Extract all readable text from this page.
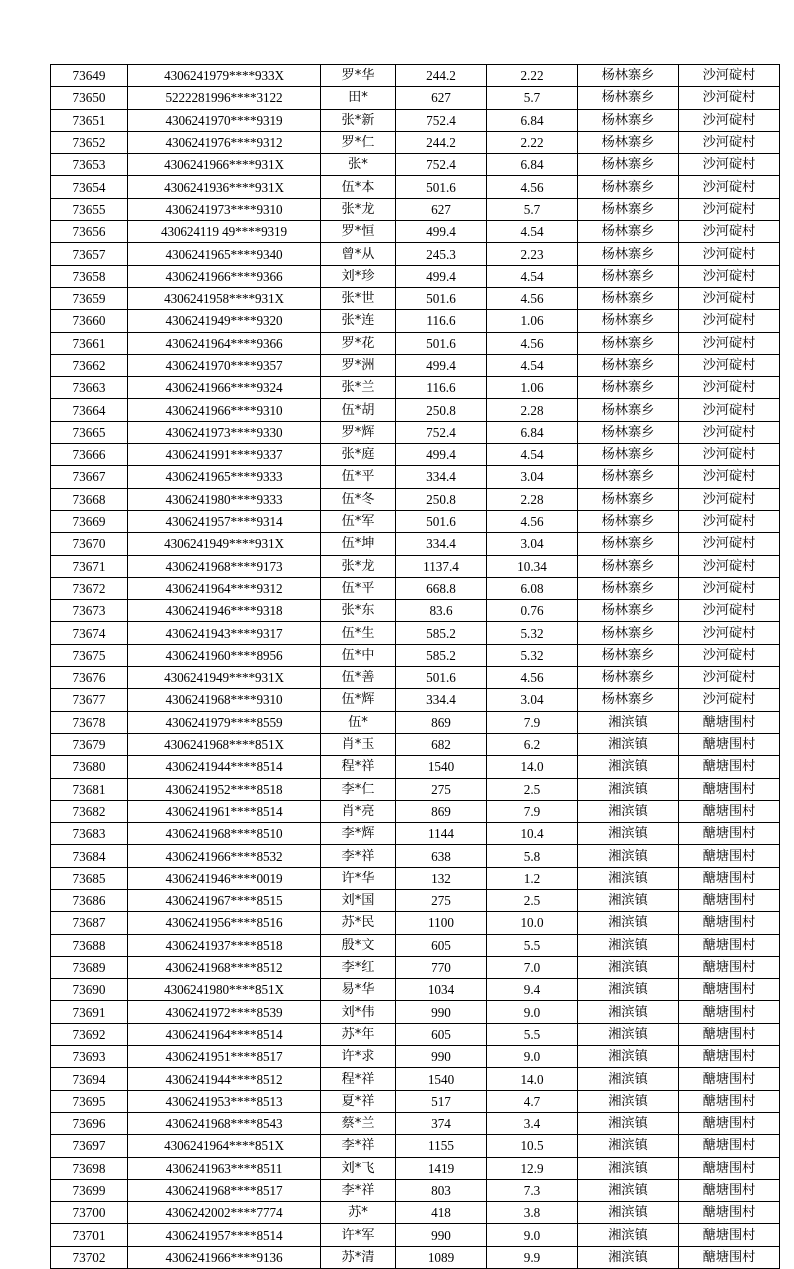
73649	4306241979****933X	罗*华	244.2	2.22	杨林寨乡	沙河碇村
73650	5222281996****3122	田*	627	5.7	杨林寨乡	沙河碇村
73651	4306241970****9319	张*新	752.4	6.84	杨林寨乡	沙河碇村
73652	4306241976****9312	罗*仁	244.2	2.22	杨林寨乡	沙河碇村
73653	4306241966****931X	张*	752.4	6.84	杨林寨乡	沙河碇村
73654	4306241936****931X	伍*本	501.6	4.56	杨林寨乡	沙河碇村
73655	4306241973****9310	张*龙	627	5.7	杨林寨乡	沙河碇村
73656	430624119 49****9319	罗*恒	499.4	4.54	杨林寨乡	沙河碇村
73657	4306241965****9340	曾*从	245.3	2.23	杨林寨乡	沙河碇村
73658	4306241966****9366	刘*珍	499.4	4.54	杨林寨乡	沙河碇村
73659	4306241958****931X	张*世	501.6	4.56	杨林寨乡	沙河碇村
73660	4306241949****9320	张*连	116.6	1.06	杨林寨乡	沙河碇村
73661	4306241964****9366	罗*花	501.6	4.56	杨林寨乡	沙河碇村
73662	4306241970****9357	罗*洲	499.4	4.54	杨林寨乡	沙河碇村
73663	4306241966****9324	张*兰	116.6	1.06	杨林寨乡	沙河碇村
73664	4306241966****9310	伍*胡	250.8	2.28	杨林寨乡	沙河碇村
73665	4306241973****9330	罗*辉	752.4	6.84	杨林寨乡	沙河碇村
73666	4306241991****9337	张*庭	499.4	4.54	杨林寨乡	沙河碇村
73667	4306241965****9333	伍*平	334.4	3.04	杨林寨乡	沙河碇村
73668	4306241980****9333	伍*冬	250.8	2.28	杨林寨乡	沙河碇村
73669	4306241957****9314	伍*军	501.6	4.56	杨林寨乡	沙河碇村
73670	4306241949****931X	伍*坤	334.4	3.04	杨林寨乡	沙河碇村
73671	4306241968****9173	张*龙	1137.4	10.34	杨林寨乡	沙河碇村
73672	4306241964****9312	伍*平	668.8	6.08	杨林寨乡	沙河碇村
73673	4306241946****9318	张*东	83.6	0.76	杨林寨乡	沙河碇村
73674	4306241943****9317	伍*生	585.2	5.32	杨林寨乡	沙河碇村
73675	4306241960****8956	伍*中	585.2	5.32	杨林寨乡	沙河碇村
73676	4306241949****931X	伍*善	501.6	4.56	杨林寨乡	沙河碇村
73677	4306241968****9310	伍*辉	334.4	3.04	杨林寨乡	沙河碇村
73678	4306241979****8559	伍*	869	7.9	湘滨镇	醣塘围村
73679	4306241968****851X	肖*玉	682	6.2	湘滨镇	醣塘围村
73680	4306241944****8514	程*祥	1540	14.0	湘滨镇	醣塘围村
73681	4306241952****8518	李*仁	275	2.5	湘滨镇	醣塘围村
73682	4306241961****8514	肖*亮	869	7.9	湘滨镇	醣塘围村
73683	4306241968****8510	李*辉	1144	10.4	湘滨镇	醣塘围村
73684	4306241966****8532	李*祥	638	5.8	湘滨镇	醣塘围村
73685	4306241946****0019	许*华	132	1.2	湘滨镇	醣塘围村
73686	4306241967****8515	刘*国	275	2.5	湘滨镇	醣塘围村
73687	4306241956****8516	苏*民	1100	10.0	湘滨镇	醣塘围村
73688	4306241937****8518	殷*文	605	5.5	湘滨镇	醣塘围村
73689	4306241968****8512	李*红	770	7.0	湘滨镇	醣塘围村
73690	4306241980****851X	易*华	1034	9.4	湘滨镇	醣塘围村
73691	4306241972****8539	刘*伟	990	9.0	湘滨镇	醣塘围村
73692	4306241964****8514	苏*年	605	5.5	湘滨镇	醣塘围村
73693	4306241951****8517	许*求	990	9.0	湘滨镇	醣塘围村
73694	4306241944****8512	程*祥	1540	14.0	湘滨镇	醣塘围村
73695	4306241953****8513	夏*祥	517	4.7	湘滨镇	醣塘围村
73696	4306241968****8543	蔡*兰	374	3.4	湘滨镇	醣塘围村
73697	4306241964****851X	李*祥	1155	10.5	湘滨镇	醣塘围村
73698	4306241963****8511	刘*飞	1419	12.9	湘滨镇	醣塘围村
73699	4306241968****8517	李*祥	803	7.3	湘滨镇	醣塘围村
73700	4306242002****7774	苏*	418	3.8	湘滨镇	醣塘围村
73701	4306241957****8514	许*军	990	9.0	湘滨镇	醣塘围村
73702	4306241966****9136	苏*清	1089	9.9	湘滨镇	醣塘围村
